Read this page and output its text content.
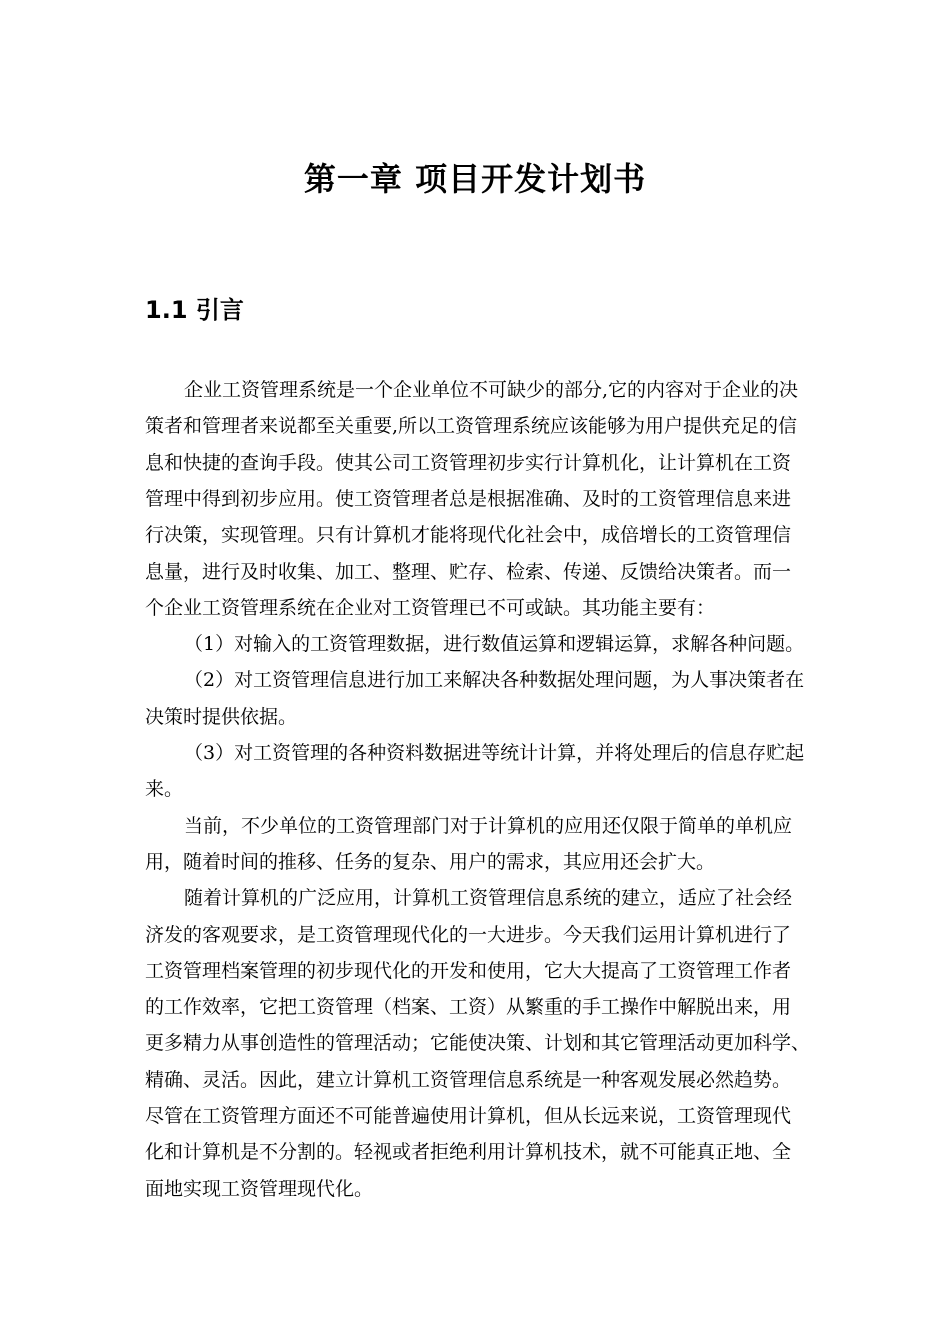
第一章 项目开发计划书
1.1 引言
企业工资管理系统是一个企业单位不可缺少的部分,它的内容对于企业的决
策者和管理者来说都至关重要,所以工资管理系统应该能够为用户提供充足的信
息和快捷的查询手段。使其公司工资管理初步实行计算机化，让计算机在工资
管理中得到初步应用。使工资管理者总是根据准确、及时的工资管理信息来进
行决策，实现管理。只有计算机才能将现代化社会中，成倍增长的工资管理信
息量，进行及时收集、加工、整理、贮存、检索、传递、反馈给决策者。而一
个企业工资管理系统在企业对工资管理已不可或缺。其功能主要有：
（1）对输入的工资管理数据，进行数值运算和逻辑运算，求解各种问题。
（2）对工资管理信息进行加工来解决各种数据处理问题，为人事决策者在
决策时提供依据。
（3）对工资管理的各种资料数据进等统计计算，并将处理后的信息存贮起
来。
当前，不少单位的工资管理部门对于计算机的应用还仅限于简单的单机应
用，随着时间的推移、任务的复杂、用户的需求，其应用还会扩大。
随着计算机的广泛应用，计算机工资管理信息系统的建立，适应了社会经
济发的客观要求，是工资管理现代化的一大进步。今天我们运用计算机进行了
工资管理档案管理的初步现代化的开发和使用，它大大提高了工资管理工作者
的工作效率，它把工资管理（档案、工资）从繁重的手工操作中解脱出来，用
更多精力从事创造性的管理活动；它能使决策、计划和其它管理活动更加科学、
精确、灵活。因此，建立计算机工资管理信息系统是一种客观发展必然趋势。
尽管在工资管理方面还不可能普遍使用计算机，但从长远来说，工资管理现代
化和计算机是不分割的。轻视或者拒绝利用计算机技术，就不可能真正地、全
面地实现工资管理现代化。
